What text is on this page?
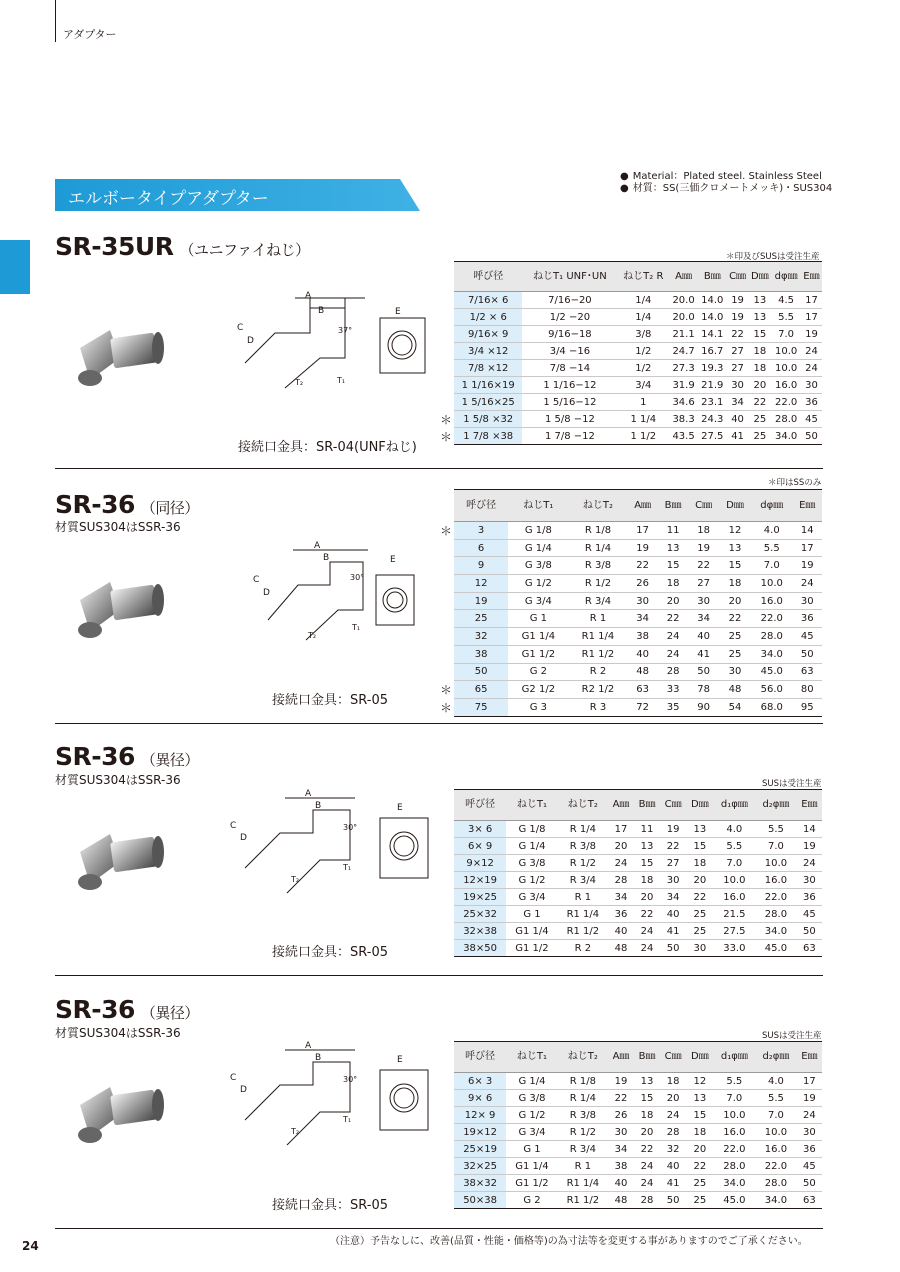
アダプター
エルボータイプアダプター
● Material：Plated steel. Stainless Steel
● 材質：SS(三価クロメートメッキ)・SUS304
SR-35UR （ユニファイねじ）	＊印及びSUSは受注生産
SR-36 （同径）
材質SUS304はSSR-36
＊印はSSのみ
SR-36 （異径）
材質SUS304はSSR-36	SUSは受注生産
SR-36 （異径）
材質SUS304はSSR-36	SUSは受注生産
接続口金具：SR-04(UNFねじ)
接続口金具：SR-05
接続口金具：SR-05
接続口金具：SR-05
A
B
C
D
E
37°
T₂	T₁
A
B
C
D
E
30°
T₂
T₁
A
B
C
D
E
30°
T₂
T₁
A
B
C
D
E
30°
T₂
T₁
呼び径	ねじT₁ UNF･UN	ねじT₂ R	A㎜	B㎜	C㎜	D㎜	dφ㎜	E㎜
7/16× 6	7/16−20	1/4	20.0	14.0	19	13	4.5	17
1/2 × 6	1/2 −20	1/4	20.0	14.0	19	13	5.5	17
9/16× 9	9/16−18	3/8	21.1	14.1	22	15	7.0	19
3/4 ×12	3/4 −16	1/2	24.7	16.7	27	18	10.0	24
7/8 ×12	7/8 −14	1/2	27.3	19.3	27	18	10.0	24
1 1/16×19	1 1/16−12	3/4	31.9	21.9	30	20	16.0	30
1 5/16×25	1 5/16−12	1	34.6	23.1	34	22	22.0	36
1 5/8 ×32	1 5/8 −12	1 1/4	38.3	24.3	40	25	28.0	45
1 7/8 ×38	1 7/8 −12	1 1/2	43.5	27.5	41	25	34.0	50
呼び径	ねじT₁	ねじT₂	A㎜	B㎜	C㎜	D㎜	dφ㎜	E㎜
3	G 1/8	R 1/8	17	11	18	12	4.0	14
6	G 1/4	R 1/4	19	13	19	13	5.5	17
9	G 3/8	R 3/8	22	15	22	15	7.0	19
12	G 1/2	R 1/2	26	18	27	18	10.0	24
19	G 3/4	R 3/4	30	20	30	20	16.0	30
25	G 1	R 1	34	22	34	22	22.0	36
32	G1 1/4	R1 1/4	38	24	40	25	28.0	45
38	G1 1/2	R1 1/2	40	24	41	25	34.0	50
50	G 2	R 2	48	28	50	30	45.0	63
65	G2 1/2	R2 1/2	63	33	78	48	56.0	80
75	G 3	R 3	72	35	90	54	68.0	95
呼び径	ねじT₁	ねじT₂	A㎜	B㎜	C㎜	D㎜	d₁φ㎜	d₂φ㎜	E㎜
3× 6	G 1/8	R 1/4	17	11	19	13	4.0	5.5	14
6× 9	G 1/4	R 3/8	20	13	22	15	5.5	7.0	19
9×12	G 3/8	R 1/2	24	15	27	18	7.0	10.0	24
12×19	G 1/2	R 3/4	28	18	30	20	10.0	16.0	30
19×25	G 3/4	R 1	34	20	34	22	16.0	22.0	36
25×32	G 1	R1 1/4	36	22	40	25	21.5	28.0	45
32×38	G1 1/4	R1 1/2	40	24	41	25	27.5	34.0	50
38×50	G1 1/2	R 2	48	24	50	30	33.0	45.0	63
呼び径	ねじT₁	ねじT₂	A㎜	B㎜	C㎜	D㎜	d₁φ㎜	d₂φ㎜	E㎜
6× 3	G 1/4	R 1/8	19	13	18	12	5.5	4.0	17
9× 6	G 3/8	R 1/4	22	15	20	13	7.0	5.5	19
12× 9	G 1/2	R 3/8	26	18	24	15	10.0	7.0	24
19×12	G 3/4	R 1/2	30	20	28	18	16.0	10.0	30
25×19	G 1	R 3/4	34	22	32	20	22.0	16.0	36
32×25	G1 1/4	R 1	38	24	40	22	28.0	22.0	45
38×32	G1 1/2	R1 1/4	40	24	41	25	34.0	28.0	50
50×38	G 2	R1 1/2	48	28	50	25	45.0	34.0	63
＊
＊
＊
＊
＊
（注意）予告なしに、改善(品質・性能・価格等)の為寸法等を変更する事がありますのでご了承ください。
24
